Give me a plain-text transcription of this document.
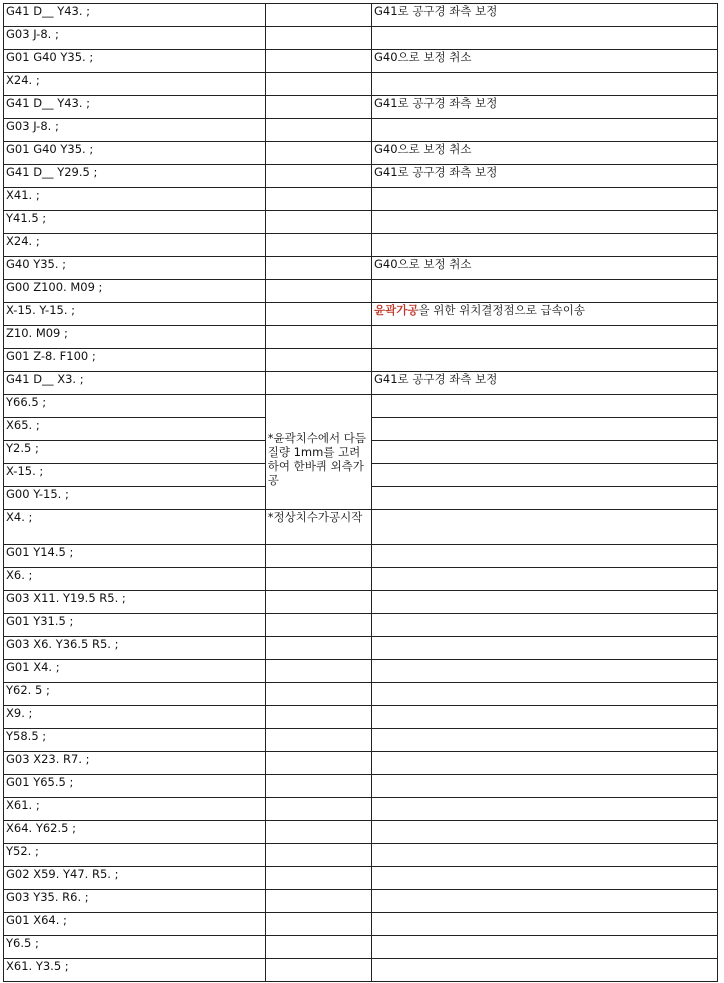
G41 D__ Y43. ;		G41로 공구경 좌측 보정
G03 J-8. ;		
G01 G40 Y35. ;		G40으로 보정 취소
X24. ;		
G41 D__ Y43. ;		G41로 공구경 좌측 보정
G03 J-8. ;		
G01 G40 Y35. ;		G40으로 보정 취소
G41 D__ Y29.5 ;		G41로 공구경 좌측 보정
X41. ;		
Y41.5 ;		
X24. ;		
G40 Y35. ;		G40으로 보정 취소
G00 Z100. M09 ;		
X-15. Y-15. ;		윤곽가공을 위한 위치결정점으로 급속이송
Z10. M09 ;		
G01 Z-8. F100 ;		
G41 D__ X3. ;		G41로 공구경 좌측 보정
Y66.5 ;	*윤곽치수에서 다듬질량 1mm를 고려하여 한바퀴 외측가공	
X65. ;		
Y2.5 ;		
X-15. ;		
G00 Y-15. ;		
X4. ;	*정상치수가공시작	
G01 Y14.5 ;		
X6. ;		
G03 X11. Y19.5 R5. ;		
G01 Y31.5 ;		
G03 X6. Y36.5 R5. ;		
G01 X4. ;		
Y62. 5 ;		
X9. ;		
Y58.5 ;		
G03 X23. R7. ;		
G01 Y65.5 ;		
X61. ;		
X64. Y62.5 ;		
Y52. ;		
G02 X59. Y47. R5. ;		
G03 Y35. R6. ;		
G01 X64. ;		
Y6.5 ;		
X61. Y3.5 ;		
